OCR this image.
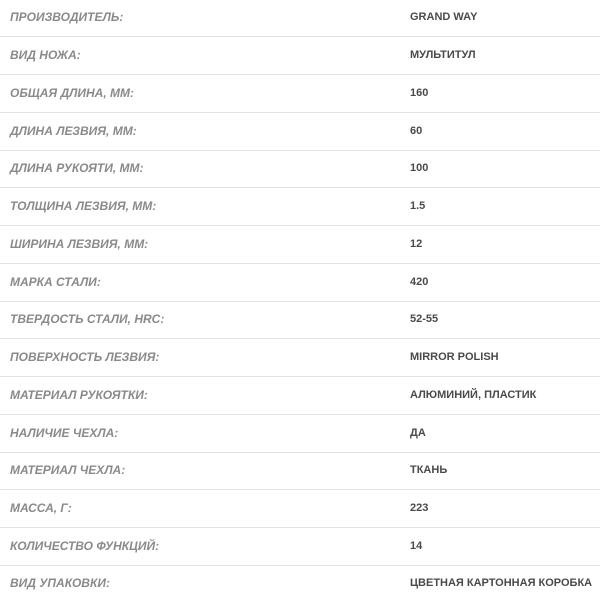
ПРОИЗВОДИТЕЛЬ:	GRAND WAY
ВИД НОЖА:	МУЛЬТИТУЛ
ОБЩАЯ ДЛИНА, ММ:	160
ДЛИНА ЛЕЗВИЯ, ММ:	60
ДЛИНА РУКОЯТИ, ММ:	100
ТОЛЩИНА ЛЕЗВИЯ, ММ:	1.5
ШИРИНА ЛЕЗВИЯ, ММ:	12
МАРКА СТАЛИ:	420
ТВЕРДОСТЬ СТАЛИ, HRC:	52-55
ПОВЕРХНОСТЬ ЛЕЗВИЯ:	MIRROR POLISH
МАТЕРИАЛ РУКОЯТКИ:	АЛЮМИНИЙ, ПЛАСТИК
НАЛИЧИЕ ЧЕХЛА:	ДА
МАТЕРИАЛ ЧЕХЛА:	ТКАНЬ
МАССА, Г:	223
КОЛИЧЕСТВО ФУНКЦИЙ:	14
ВИД УПАКОВКИ:	ЦВЕТНАЯ КАРТОННАЯ КОРОБКА
